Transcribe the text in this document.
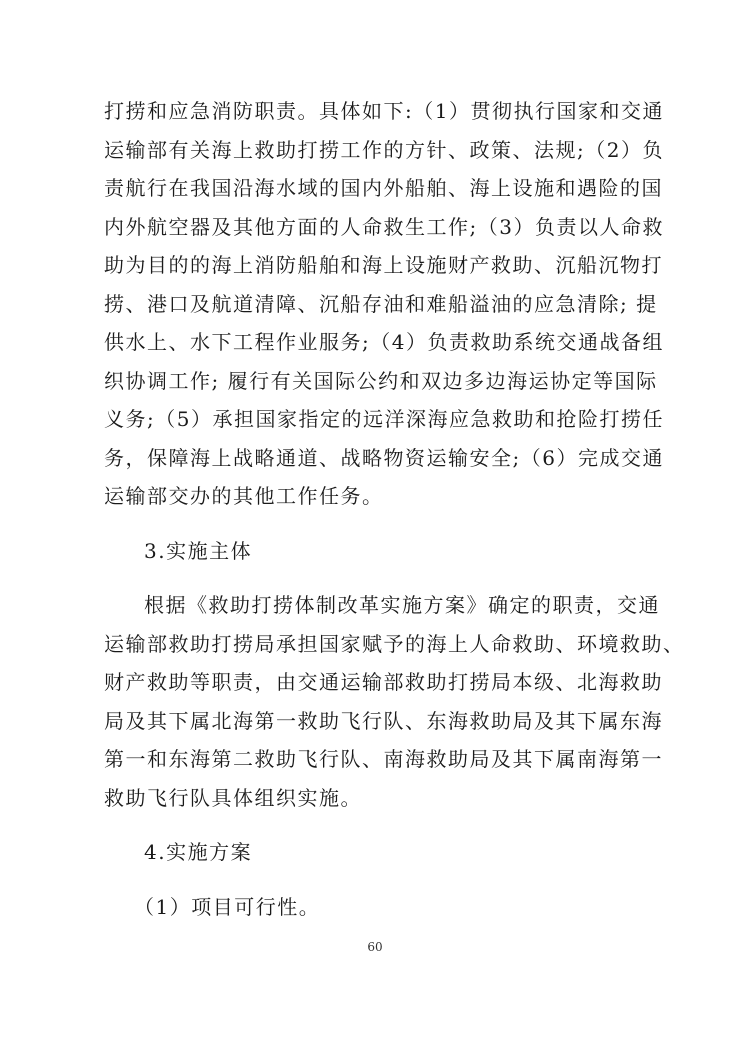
打捞和应急消防职责。具体如下:（1）贯彻执行国家和交通
运输部有关海上救助打捞工作的方针、政策、法规;（2）负
责航行在我国沿海水域的国内外船舶、海上设施和遇险的国
内外航空器及其他方面的人命救生工作;（3）负责以人命救
助为目的的海上消防船舶和海上设施财产救助、沉船沉物打
捞、港口及航道清障、沉船存油和难船溢油的应急清除; 提
供水上、水下工程作业服务;（4）负责救助系统交通战备组
织协调工作; 履行有关国际公约和双边多边海运协定等国际
义务;（5）承担国家指定的远洋深海应急救助和抢险打捞任
务，保障海上战略通道、战略物资运输安全;（6）完成交通
运输部交办的其他工作任务。
3.实施主体
根据《救助打捞体制改革实施方案》确定的职责，交通
运输部救助打捞局承担国家赋予的海上人命救助、环境救助、
财产救助等职责，由交通运输部救助打捞局本级、北海救助
局及其下属北海第一救助飞行队、东海救助局及其下属东海
第一和东海第二救助飞行队、南海救助局及其下属南海第一
救助飞行队具体组织实施。
4.实施方案
（1）项目可行性。
60
